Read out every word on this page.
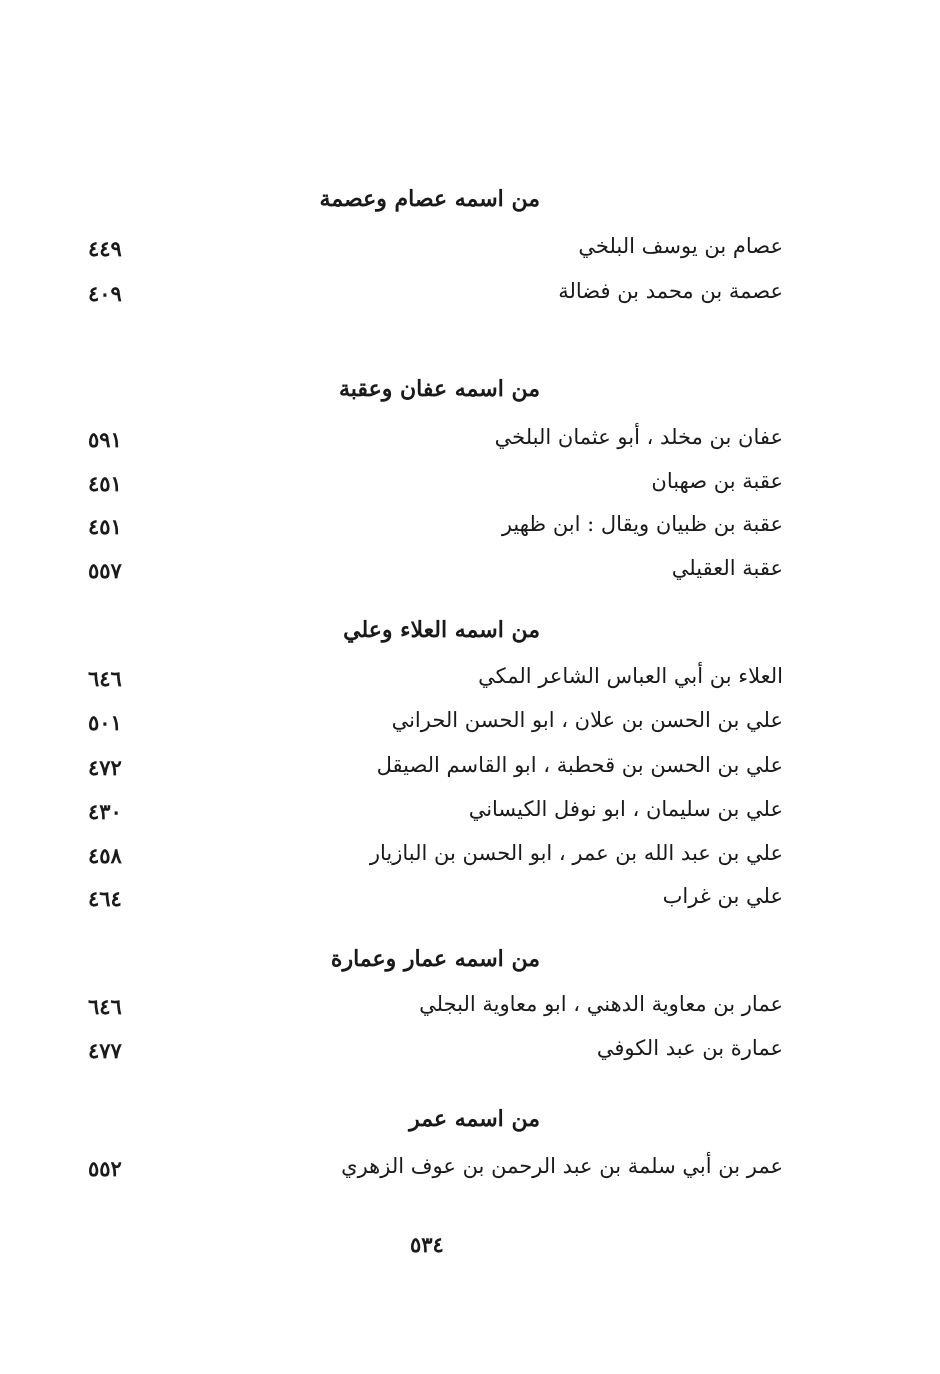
من اسمه عصام وعصمة
عصام بن يوسف البلخي
٤٤٩
عصمة بن محمد بن فضالة
٤٠٩
من اسمه عفان وعقبة
عفان بن مخلد ، أبو عثمان البلخي
٥٩١
عقبة بن صهبان
٤٥١
عقبة بن ظبيان ويقال : ابن ظهير
٤٥١
عقبة العقيلي
٥٥٧
من اسمه العلاء وعلي
العلاء بن أبي العباس الشاعر المكي
٦٤٦
علي بن الحسن بن علان ، ابو الحسن الحراني
٥٠١
علي بن الحسن بن قحطبة ، ابو القاسم الصيقل
٤٧٢
علي بن سليمان ، ابو نوفل الكيساني
٤٣٠
علي بن عبد الله بن عمر ، ابو الحسن بن البازيار
٤٥٨
علي بن غراب
٤٦٤
من اسمه عمار وعمارة
عمار بن معاوية الدهني ، ابو معاوية البجلي
٦٤٦
عمارة بن عبد الكوفي
٤٧٧
من اسمه عمر
عمر بن أبي سلمة بن عبد الرحمن بن عوف الزهري
٥٥٢
٥٣٤
